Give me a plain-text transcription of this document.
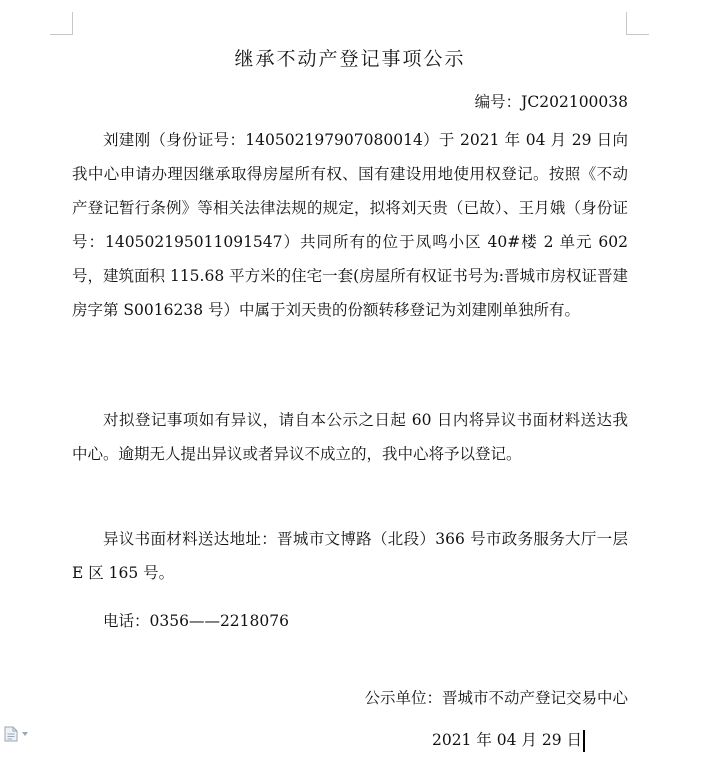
继承不动产登记事项公示
编号：JC202100038

刘建刚（身份证号：140502197907080014）于 2021 年 04 月 29 日向我中心申请办理因继承取得房屋所有权、国有建设用地使用权登记。按照《不动产登记暂行条例》等相关法律法规的规定，拟将刘天贵（已故）、王月娥（身份证号：140502195011091547）共同所有的位于凤鸣小区 40#楼 2 单元 602 号，建筑面积 115.68 平方米的住宅一套(房屋所有权证书号为:晋城市房权证晋建房字第 S0016238 号）中属于刘天贵的份额转移登记为刘建刚单独所有。

对拟登记事项如有异议，请自本公示之日起 60 日内将异议书面材料送达我中心。逾期无人提出异议或者异议不成立的，我中心将予以登记。

异议书面材料送达地址：晋城市文博路（北段）366 号市政务服务大厅一层 E 区 165 号。

电话：0356——2218076

公示单位：晋城市不动产登记交易中心
2021 年 04 月 29 日
